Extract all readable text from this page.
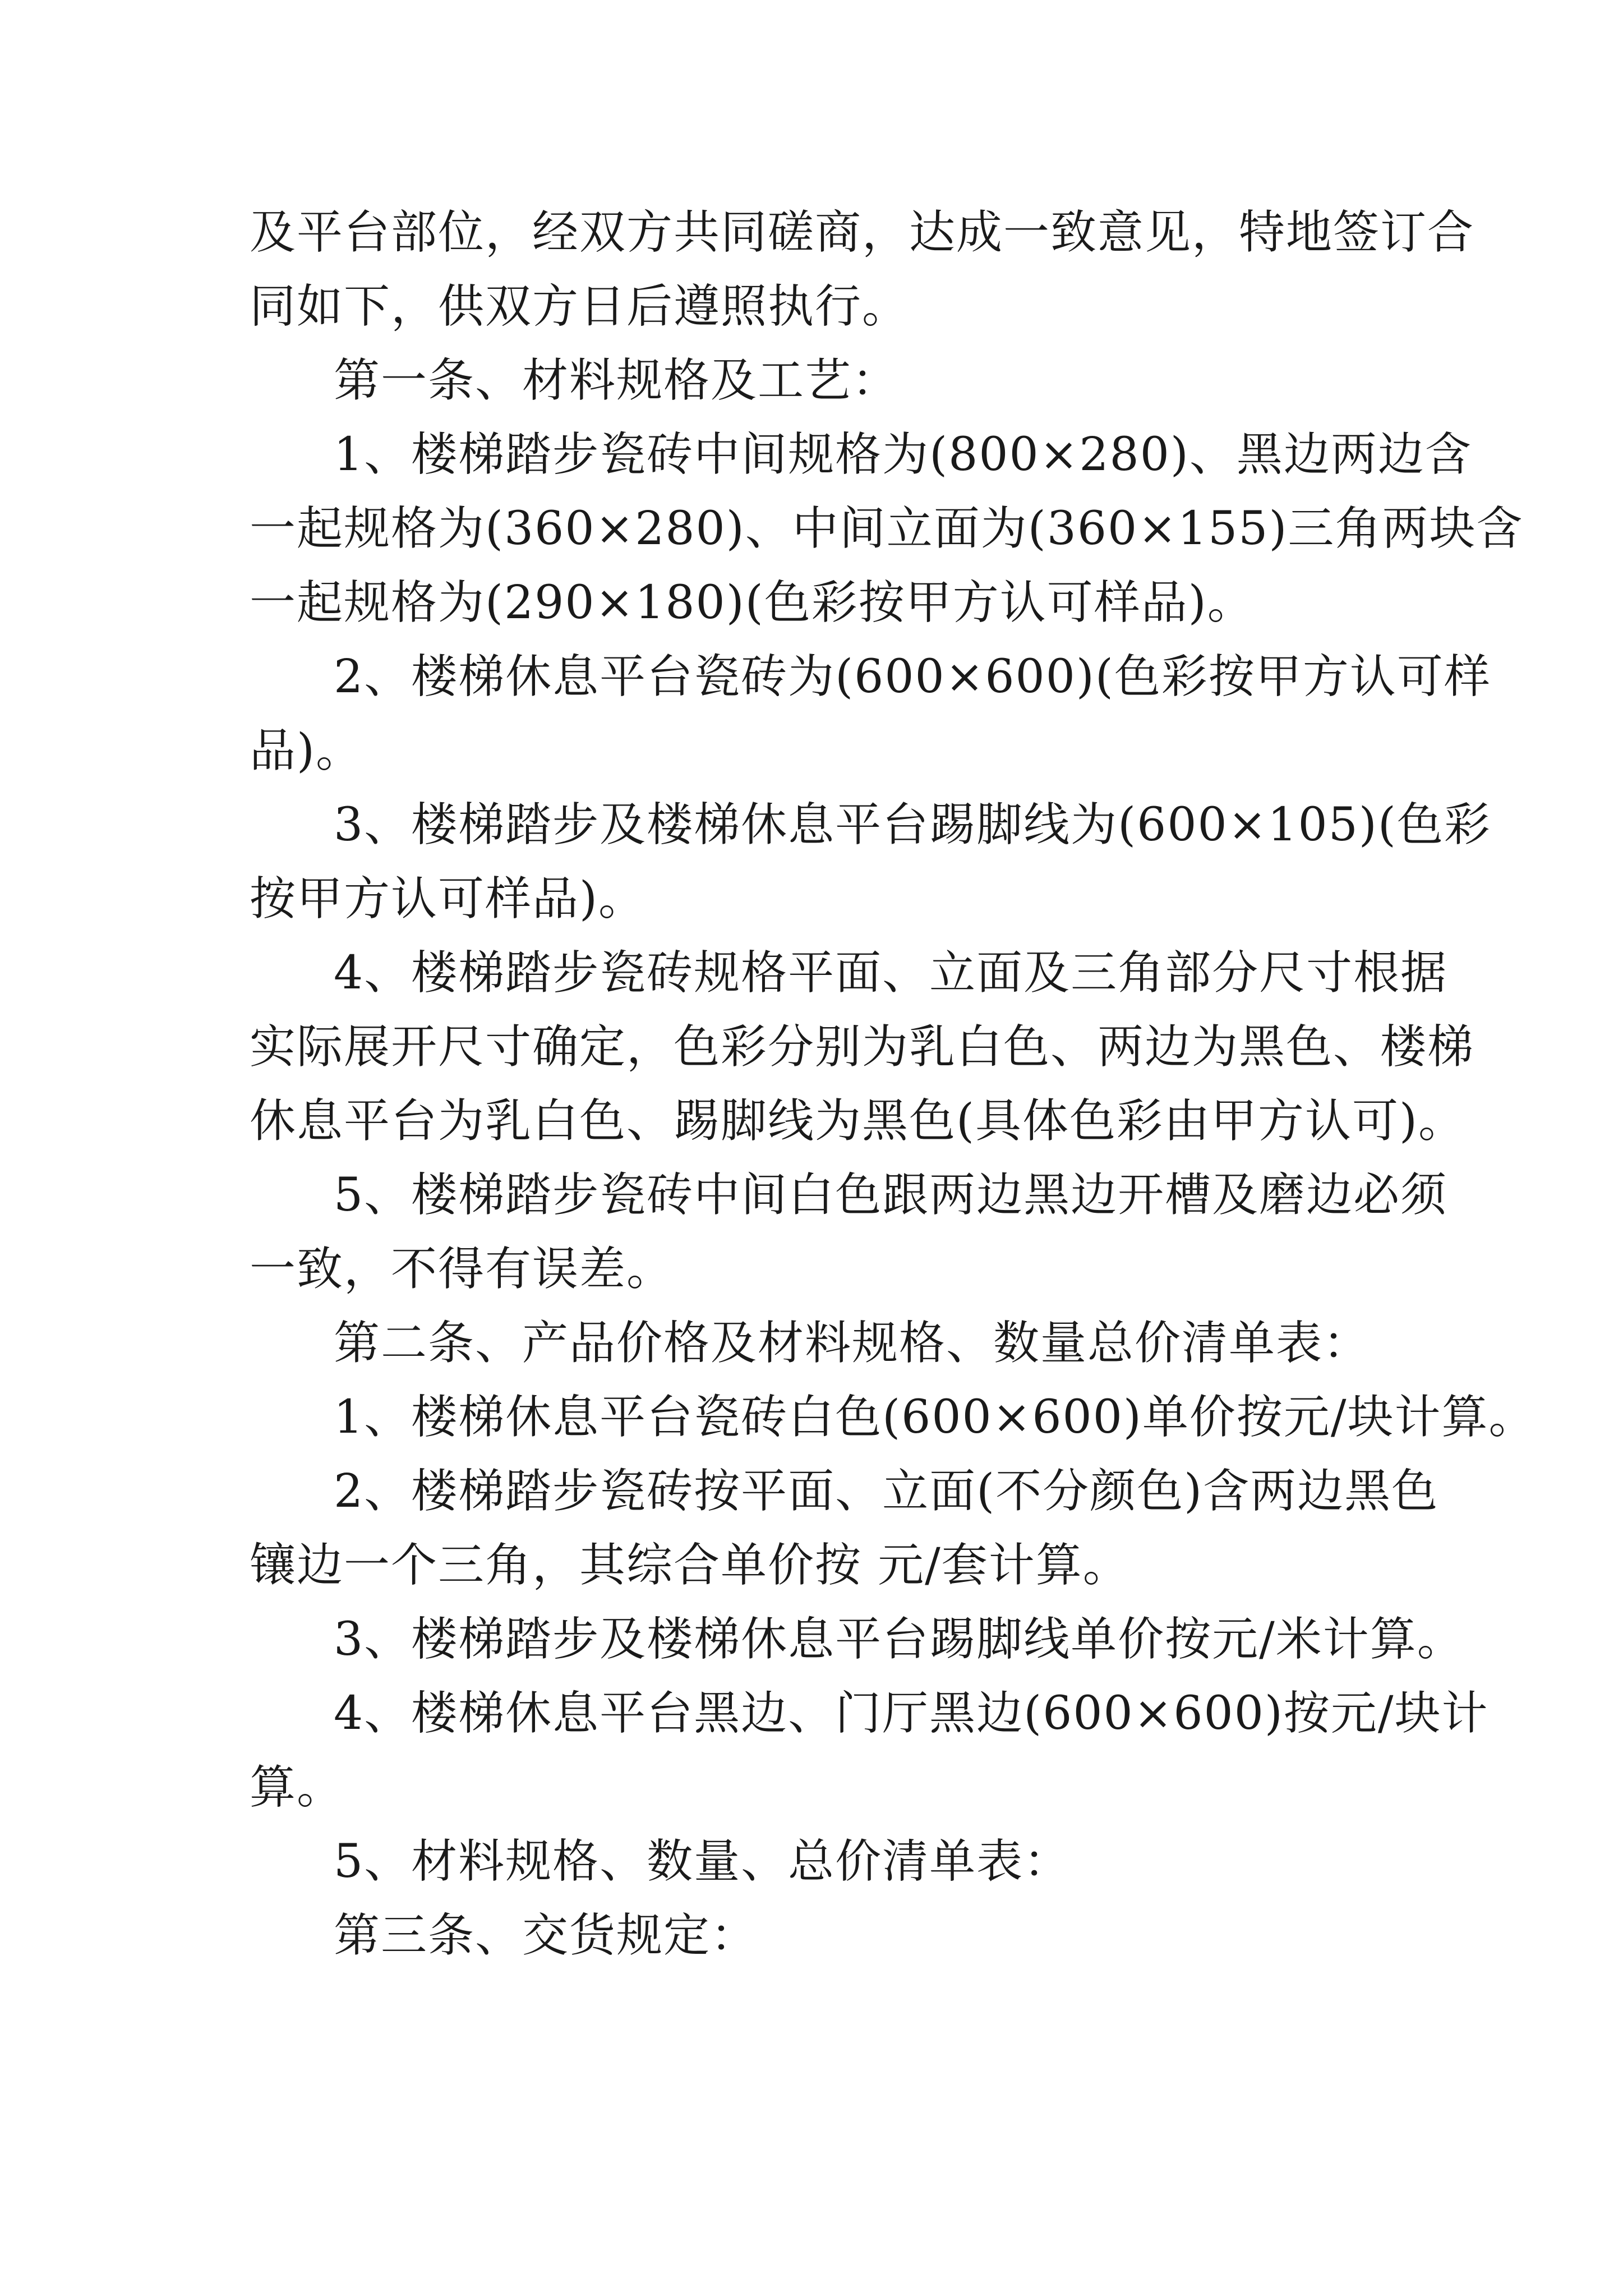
及平台部位，经双方共同磋商，达成一致意见，特地签订合
同如下，供双方日后遵照执行。
第一条、材料规格及工艺：
1、楼梯踏步瓷砖中间规格为(800×280)、黑边两边含
一起规格为(360×280)、中间立面为(360×155)三角两块含
一起规格为(290×180)(色彩按甲方认可样品)。
2、楼梯休息平台瓷砖为(600×600)(色彩按甲方认可样
品)。
3、楼梯踏步及楼梯休息平台踢脚线为(600×105)(色彩
按甲方认可样品)。
4、楼梯踏步瓷砖规格平面、立面及三角部分尺寸根据
实际展开尺寸确定，色彩分别为乳白色、两边为黑色、楼梯
休息平台为乳白色、踢脚线为黑色(具体色彩由甲方认可)。
5、楼梯踏步瓷砖中间白色跟两边黑边开槽及磨边必须
一致，不得有误差。
第二条、产品价格及材料规格、数量总价清单表：
1、楼梯休息平台瓷砖白色(600×600)单价按元/块计算。
2、楼梯踏步瓷砖按平面、立面(不分颜色)含两边黑色
镶边一个三角，其综合单价按 元/套计算。
3、楼梯踏步及楼梯休息平台踢脚线单价按元/米计算。
4、楼梯休息平台黑边、门厅黑边(600×600)按元/块计
算。
5、材料规格、数量、总价清单表：
第三条、交货规定：
